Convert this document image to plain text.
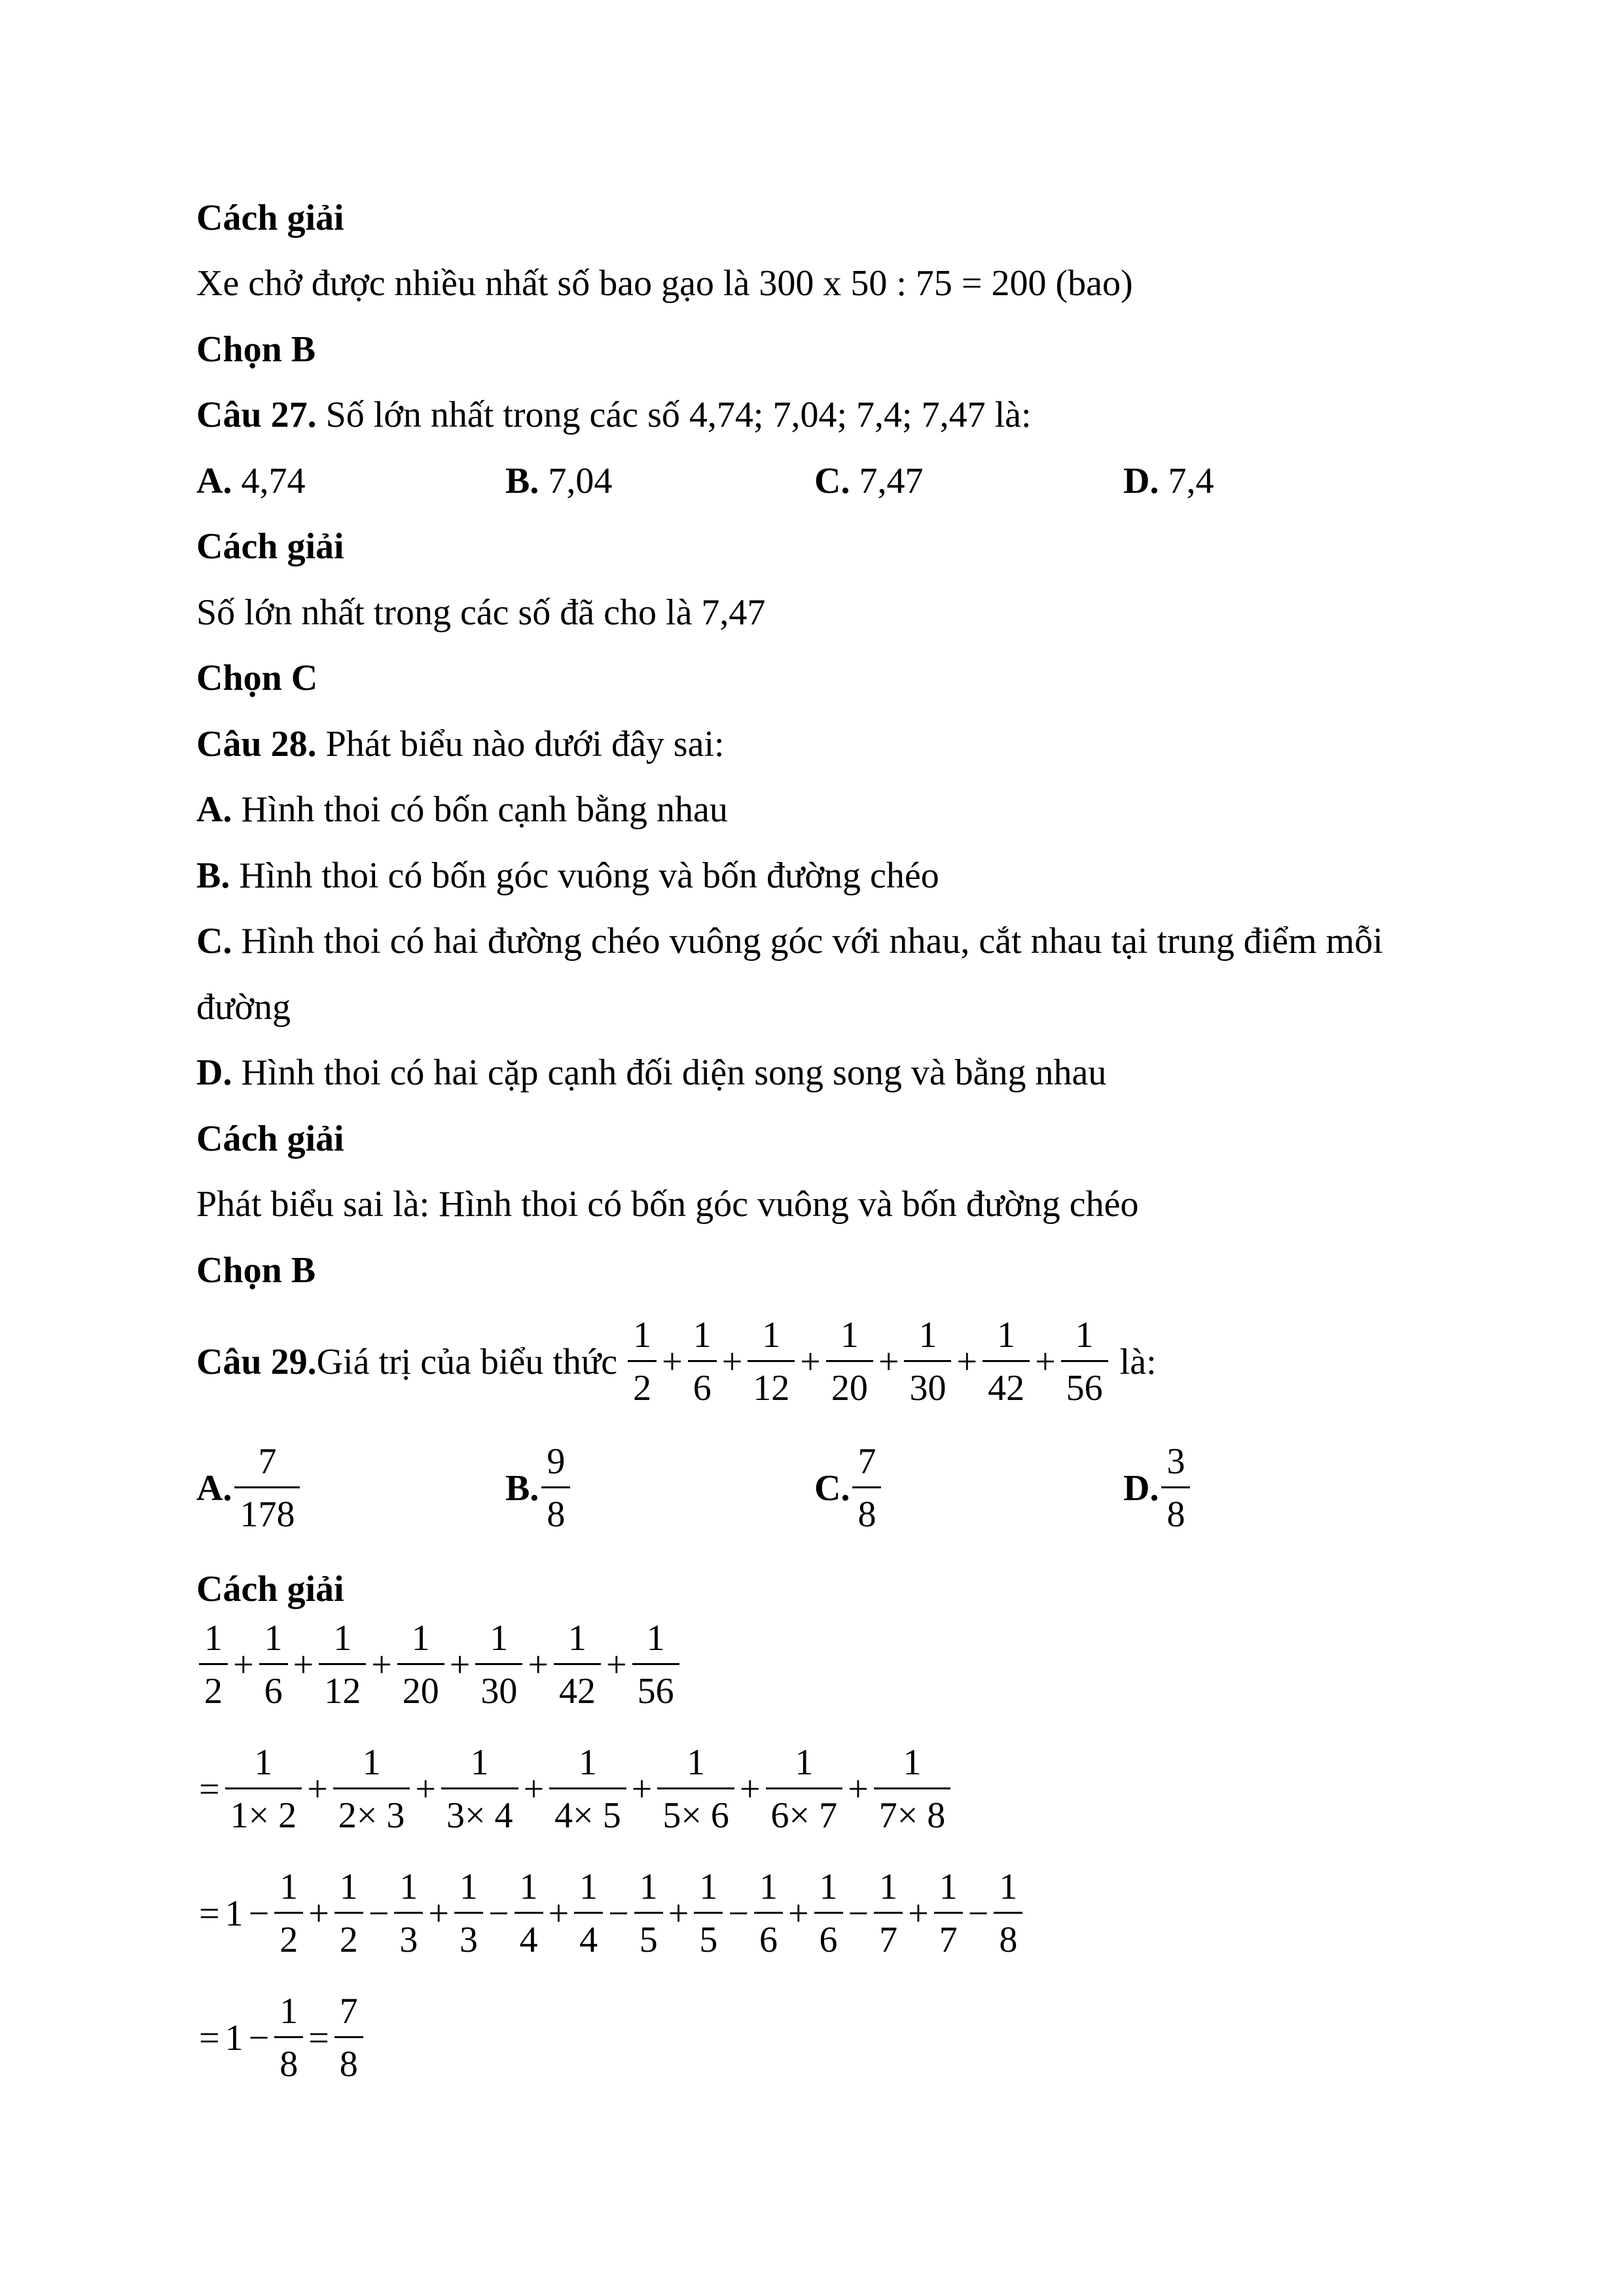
Cách giải
Xe chở được nhiều nhất số bao gạo là 300 x 50 : 75 = 200 (bao)
Chọn B
Câu 27. Số lớn nhất trong các số 4,74; 7,04; 7,4; 7,47 là:
A. 4,74	B. 7,04	C. 7,47	D. 7,4
Cách giải
Số lớn nhất trong các số đã cho là 7,47
Chọn C
Câu 28. Phát biểu nào dưới đây sai:
A. Hình thoi có bốn cạnh bằng nhau
B. Hình thoi có bốn góc vuông và bốn đường chéo
C. Hình thoi có hai đường chéo vuông góc với nhau, cắt nhau tại trung điểm mỗi
đường
D. Hình thoi có hai cặp cạnh đối diện song song và bằng nhau
Cách giải
Phát biểu sai là: Hình thoi có bốn góc vuông và bốn đường chéo
Chọn B
Câu 29. Giá trị của biểu thức $\frac{1}{2} + \frac{1}{6} + \frac{1}{12} + \frac{1}{20} + \frac{1}{30} + \frac{1}{42} + \frac{1}{56}$ là:
A. $\frac{7}{178}$	B. $\frac{9}{8}$	C. $\frac{7}{8}$	D. $\frac{3}{8}$
Cách giải
$\frac{1}{2} + \frac{1}{6} + \frac{1}{12} + \frac{1}{20} + \frac{1}{30} + \frac{1}{42} + \frac{1}{56}$
= $\frac{1}{1\times 2} + \frac{1}{2\times 3} + \frac{1}{3\times 4} + \frac{1}{4\times 5} + \frac{1}{5\times 6} + \frac{1}{6\times 7} + \frac{1}{7\times 8}$
= $1 - \frac{1}{2} + \frac{1}{2} - \frac{1}{3} + \frac{1}{3} - \frac{1}{4} + \frac{1}{4} - \frac{1}{5} + \frac{1}{5} - \frac{1}{6} + \frac{1}{6} - \frac{1}{7} + \frac{1}{7} - \frac{1}{8}$
= $1 - \frac{1}{8} = \frac{7}{8}$
